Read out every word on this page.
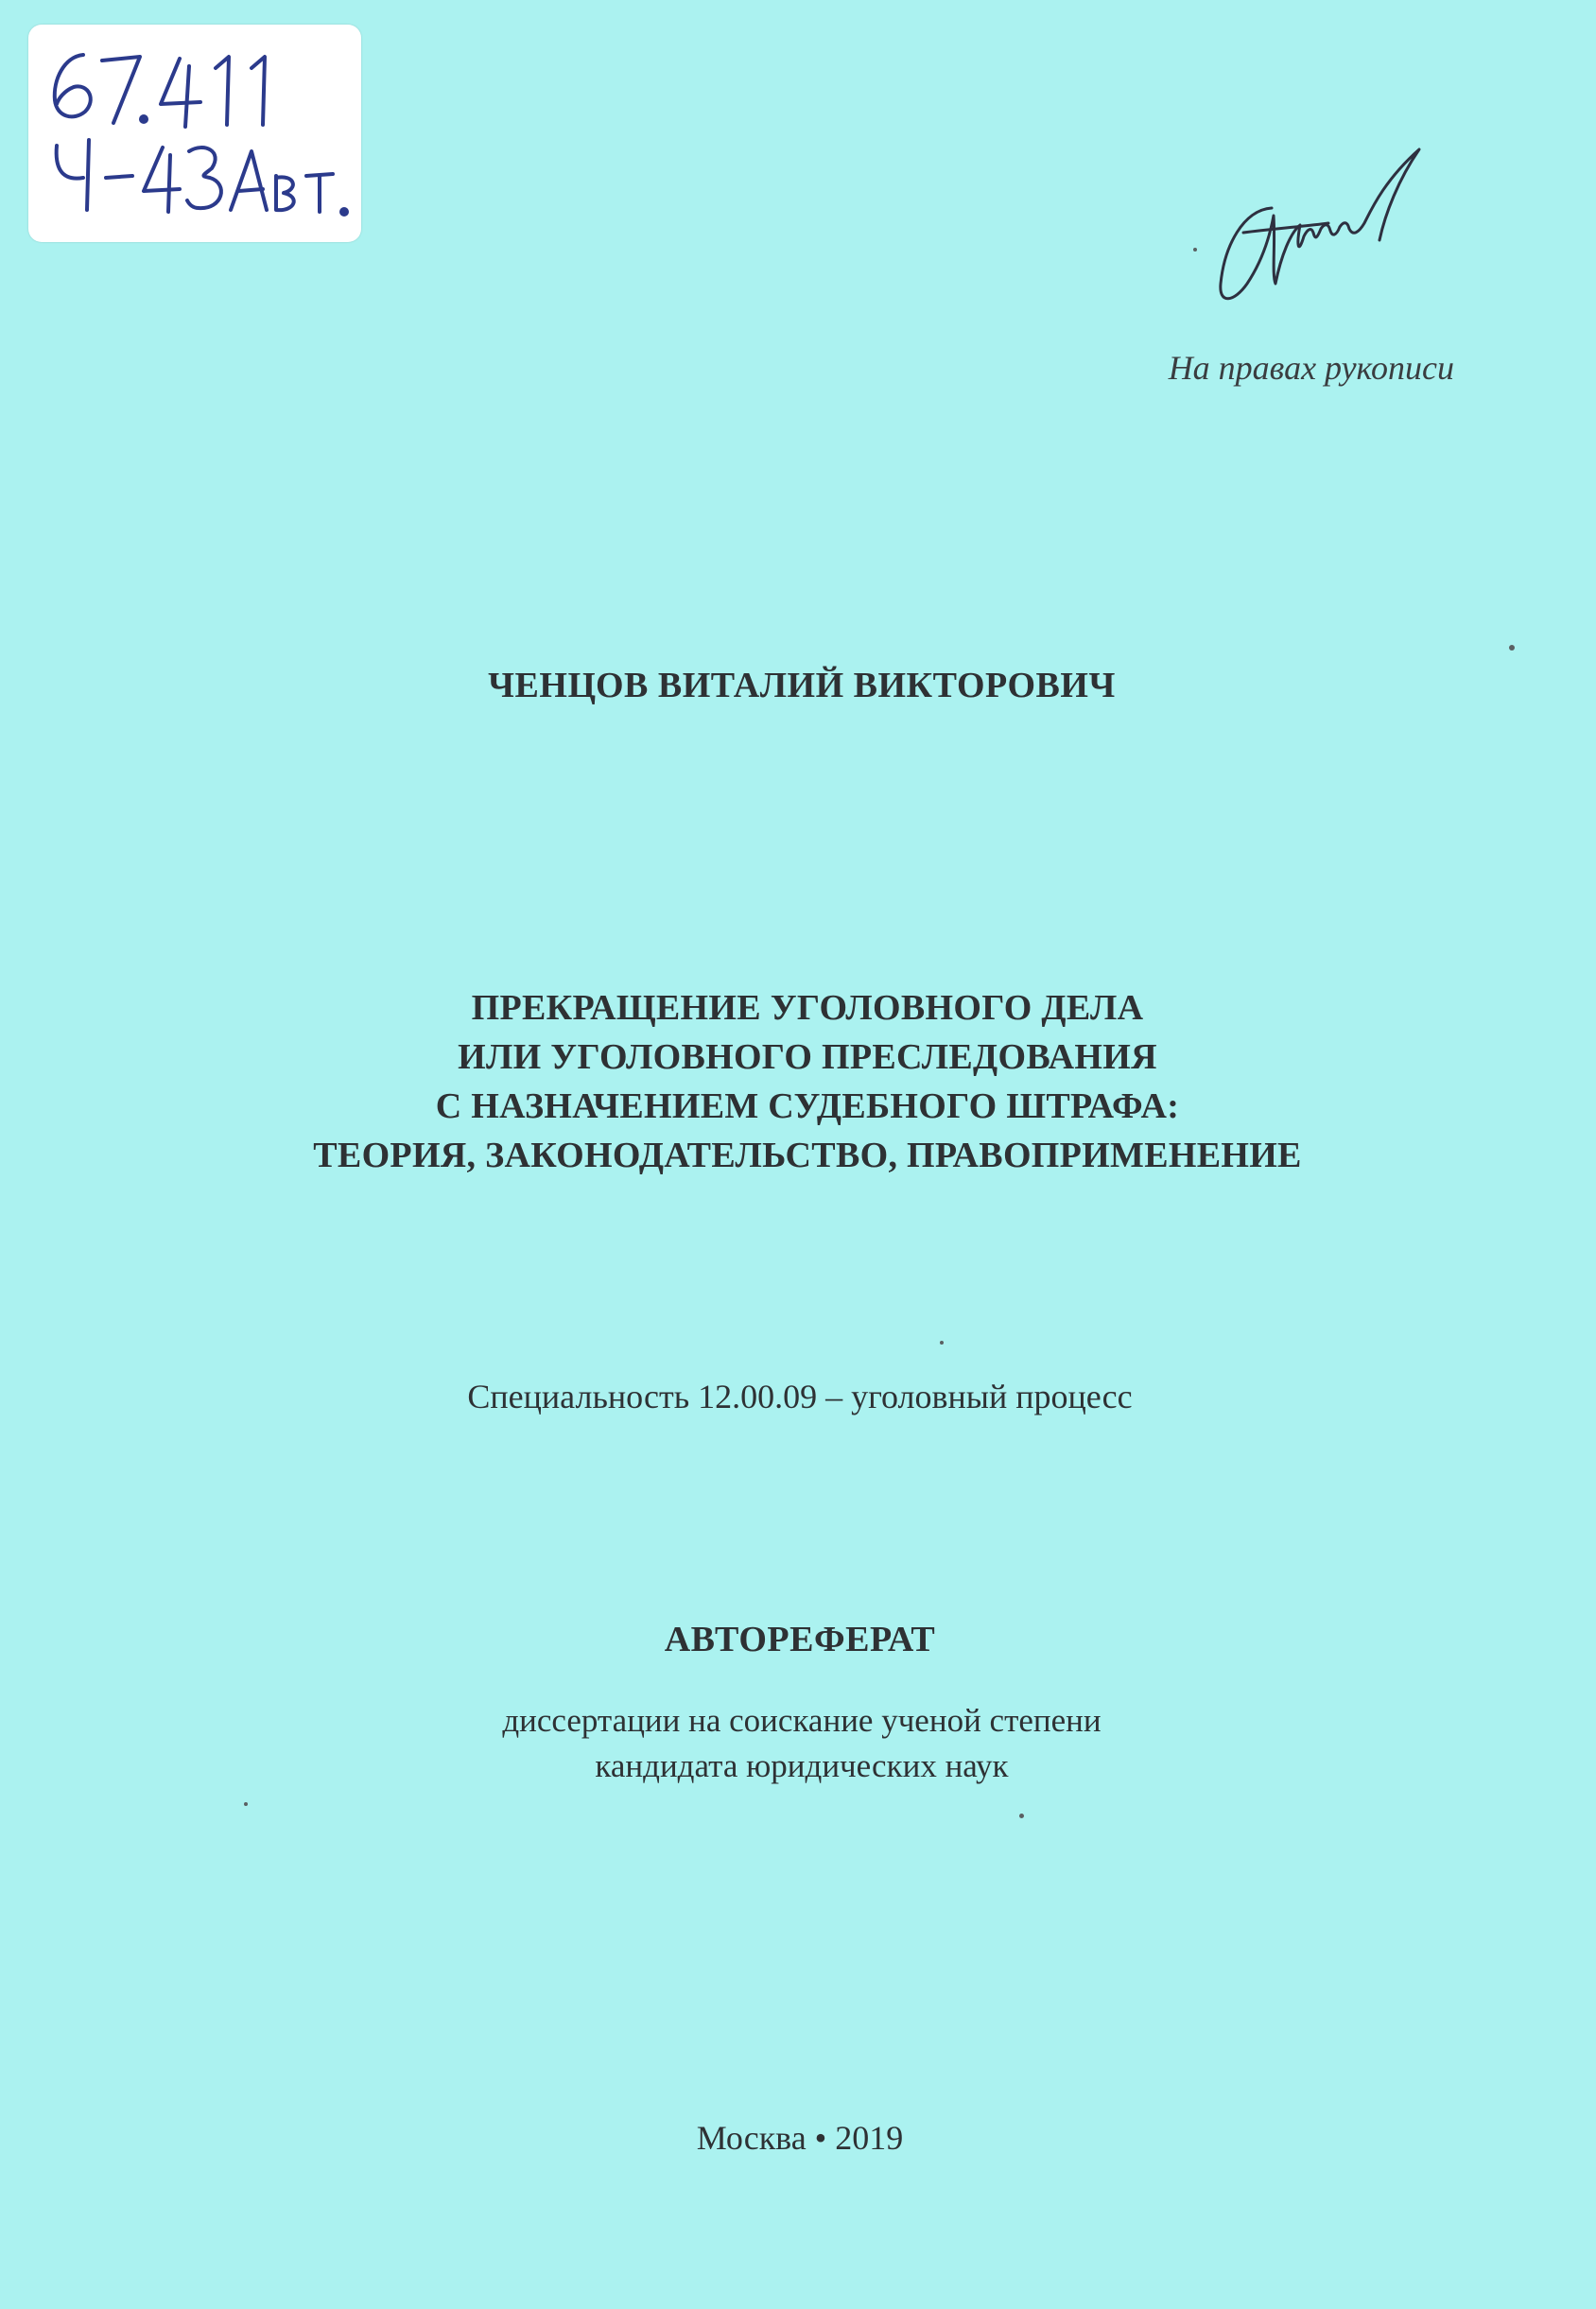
На правах рукописи
ЧЕНЦОВ ВИТАЛИЙ ВИКТОРОВИЧ
ПРЕКРАЩЕНИЕ УГОЛОВНОГО ДЕЛА
ИЛИ УГОЛОВНОГО ПРЕСЛЕДОВАНИЯ
С НАЗНАЧЕНИЕМ СУДЕБНОГО ШТРАФА:
ТЕОРИЯ, ЗАКОНОДАТЕЛЬСТВО, ПРАВОПРИМЕНЕНИЕ
Специальность 12.00.09 – уголовный процесс
АВТОРЕФЕРАТ
диссертации на соискание ученой степени
кандидата юридических наук
Москва • 2019
